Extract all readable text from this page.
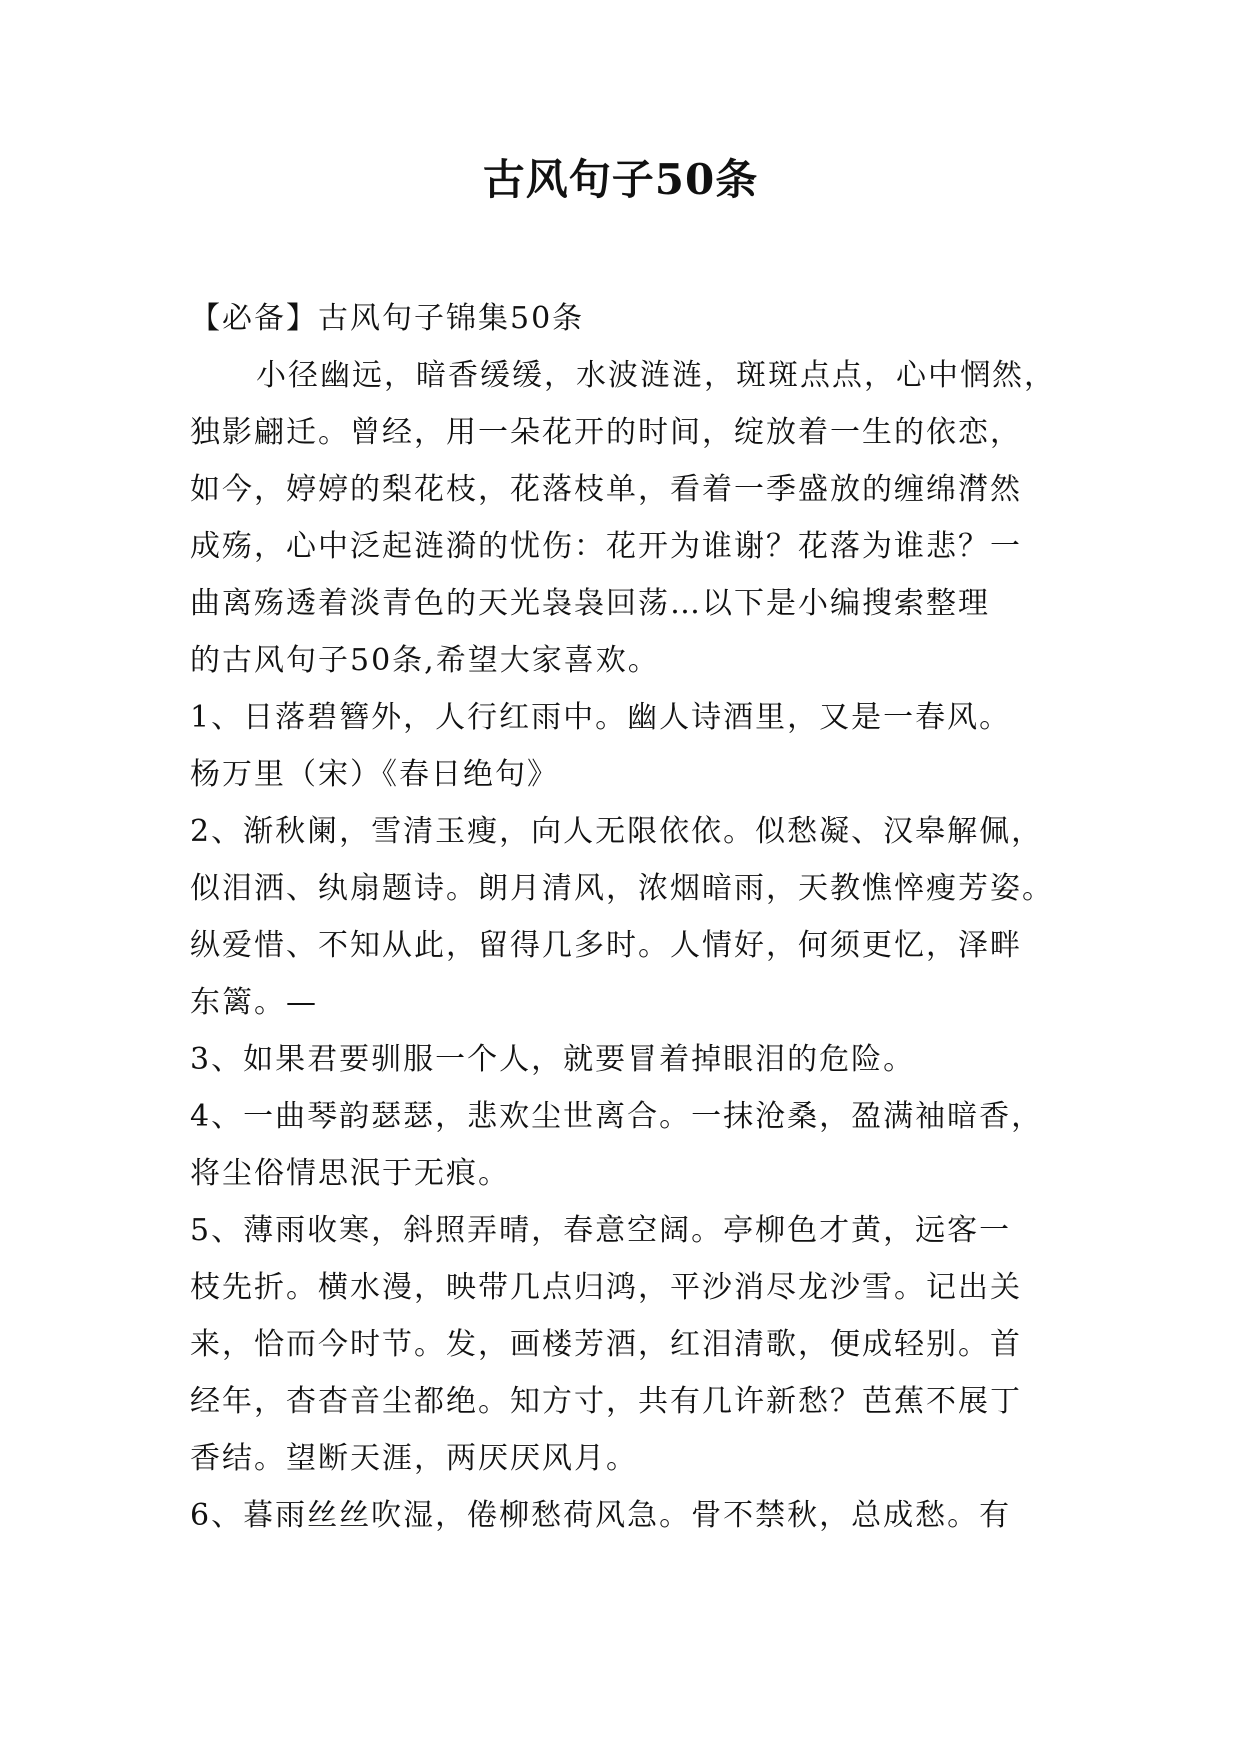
古风句子50条
【必备】古风句子锦集50条
小径幽远，暗香缓缓，水波涟涟，斑斑点点，心中惘然，
独影翩迁。曾经，用一朵花开的时间，绽放着一生的依恋，
如今，婷婷的梨花枝，花落枝单，看着一季盛放的缠绵潸然
成殇，心中泛起涟漪的忧伤：花开为谁谢？花落为谁悲？一
曲离殇透着淡青色的天光袅袅回荡…以下是小编搜索整理
的古风句子50条,希望大家喜欢。
1、日落碧簪外，人行红雨中。幽人诗酒里，又是一春风。
杨万里（宋）《春日绝句》
2、渐秋阑，雪清玉瘦，向人无限依依。似愁凝、汉皋解佩，
似泪洒、纨扇题诗。朗月清风，浓烟暗雨，天教憔悴瘦芳姿。
纵爱惜、不知从此，留得几多时。人情好，何须更忆，泽畔
东篱。—
3、如果君要驯服一个人，就要冒着掉眼泪的危险。
4、一曲琴韵瑟瑟，悲欢尘世离合。一抹沧桑，盈满袖暗香，
将尘俗情思泯于无痕。
5、薄雨收寒，斜照弄晴，春意空阔。亭柳色才黄，远客一
枝先折。横水漫，映带几点归鸿，平沙消尽龙沙雪。记出关
来，恰而今时节。发，画楼芳酒，红泪清歌，便成轻别。首
经年，杳杳音尘都绝。知方寸，共有几许新愁？芭蕉不展丁
香结。望断天涯，两厌厌风月。
6、暮雨丝丝吹湿，倦柳愁荷风急。骨不禁秋，总成愁。有
